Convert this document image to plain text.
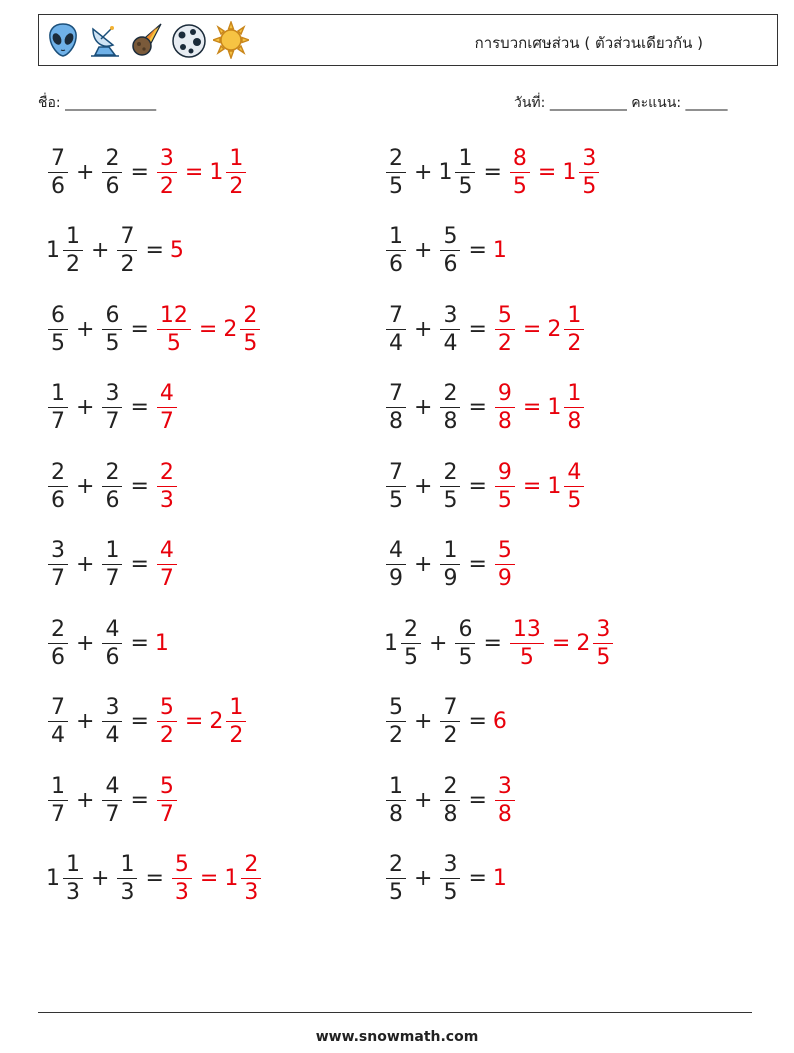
การบวกเศษส่วน ( ตัวส่วนเดียวกัน )
ชื่อ: _____________	วันที่: ___________ คะแนน: ______
$\frac{7}{6} + \frac{2}{6} = \frac{3}{2} = 1 \frac{1}{2}$	$\frac{2}{5} + 1 \frac{1}{5} = \frac{8}{5} = 1 \frac{3}{5}$
$1 \frac{1}{2} + \frac{7}{2} = 5$	$\frac{1}{6} + \frac{5}{6} = 1$
$\frac{6}{5} + \frac{6}{5} = \frac{12}{5} = 2 \frac{2}{5}$	$\frac{7}{4} + \frac{3}{4} = \frac{5}{2} = 2 \frac{1}{2}$
$\frac{1}{7} + \frac{3}{7} = \frac{4}{7}$	$\frac{7}{8} + \frac{2}{8} = \frac{9}{8} = 1 \frac{1}{8}$
$\frac{2}{6} + \frac{2}{6} = \frac{2}{3}$	$\frac{7}{5} + \frac{2}{5} = \frac{9}{5} = 1 \frac{4}{5}$
$\frac{3}{7} + \frac{1}{7} = \frac{4}{7}$	$\frac{4}{9} + \frac{1}{9} = \frac{5}{9}$
$\frac{2}{6} + \frac{4}{6} = 1$	$1 \frac{2}{5} + \frac{6}{5} = \frac{13}{5} = 2 \frac{3}{5}$
$\frac{7}{4} + \frac{3}{4} = \frac{5}{2} = 2 \frac{1}{2}$	$\frac{5}{2} + \frac{7}{2} = 6$
$\frac{1}{7} + \frac{4}{7} = \frac{5}{7}$	$\frac{1}{8} + \frac{2}{8} = \frac{3}{8}$
$1 \frac{1}{3} + \frac{1}{3} = \frac{5}{3} = 1 \frac{2}{3}$	$\frac{2}{5} + \frac{3}{5} = 1$
www.snowmath.com
